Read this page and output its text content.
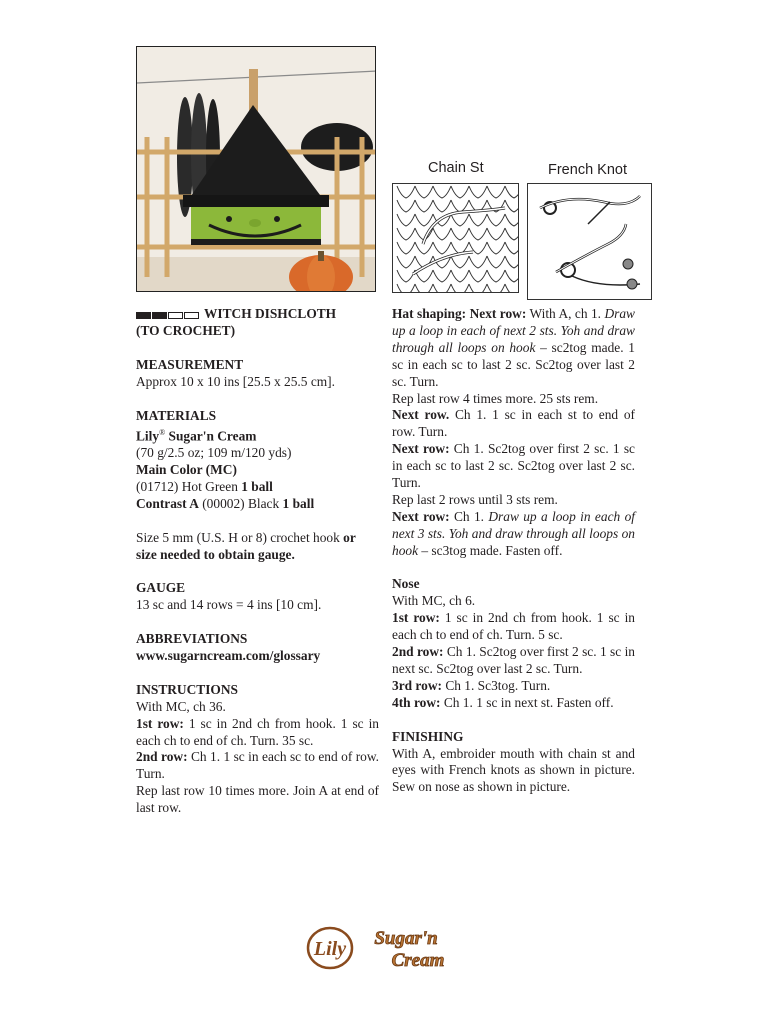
Chain St	French Knot

WITCH DISHCLOTH

(TO CROCHET)

MEASUREMENT

Approx 10 x 10 ins [25.5 x 25.5 cm].

MATERIALS

Lily® Sugar'n Cream

(70 g/2.5 oz; 109 m/120 yds)

Main Color (MC)

(01712) Hot Green 1 ball

Contrast A (00002) Black 1 ball

Size 5 mm (U.S. H or 8) crochet hook or size needed to obtain gauge.

GAUGE

13 sc and 14 rows = 4 ins [10 cm].

ABBREVIATIONS

www.sugarncream.com/glossary

INSTRUCTIONS

With MC, ch 36.

1st row: 1 sc in 2nd ch from hook. 1 sc in each ch to end of ch. Turn. 35 sc.

2nd row: Ch 1. 1 sc in each sc to end of row. Turn.

Rep last row 10 times more. Join A at end of last row.

Hat shaping: Next row: With A, ch 1. Draw up a loop in each of next 2 sts. Yoh and draw through all loops on hook – sc2tog made. 1 sc in each sc to last 2 sc. Sc2tog over last 2 sc. Turn.

Rep last row 4 times more. 25 sts rem.

Next row. Ch 1. 1 sc in each st to end of row. Turn.

Next row: Ch 1. Sc2tog over first 2 sc. 1 sc in each sc to last 2 sc. Sc2tog over last 2 sc. Turn.

Rep last 2 rows until 3 sts rem.

Next row: Ch 1. Draw up a loop in each of next 3 sts. Yoh and draw through all loops on hook – sc3tog made. Fasten off.

Nose

With MC, ch 6.

1st row: 1 sc in 2nd ch from hook. 1 sc in each ch to end of ch. Turn. 5 sc.

2nd row: Ch 1. Sc2tog over first 2 sc. 1 sc in next sc. Sc2tog over last 2 sc. Turn.

3rd row: Ch 1. Sc3tog. Turn.

4th row: Ch 1. 1 sc in next st. Fasten off.

FINISHING

With A, embroider mouth with chain st and eyes with French knots as shown in picture. Sew on nose as shown in picture.

Lily Sugar'n
Cream
